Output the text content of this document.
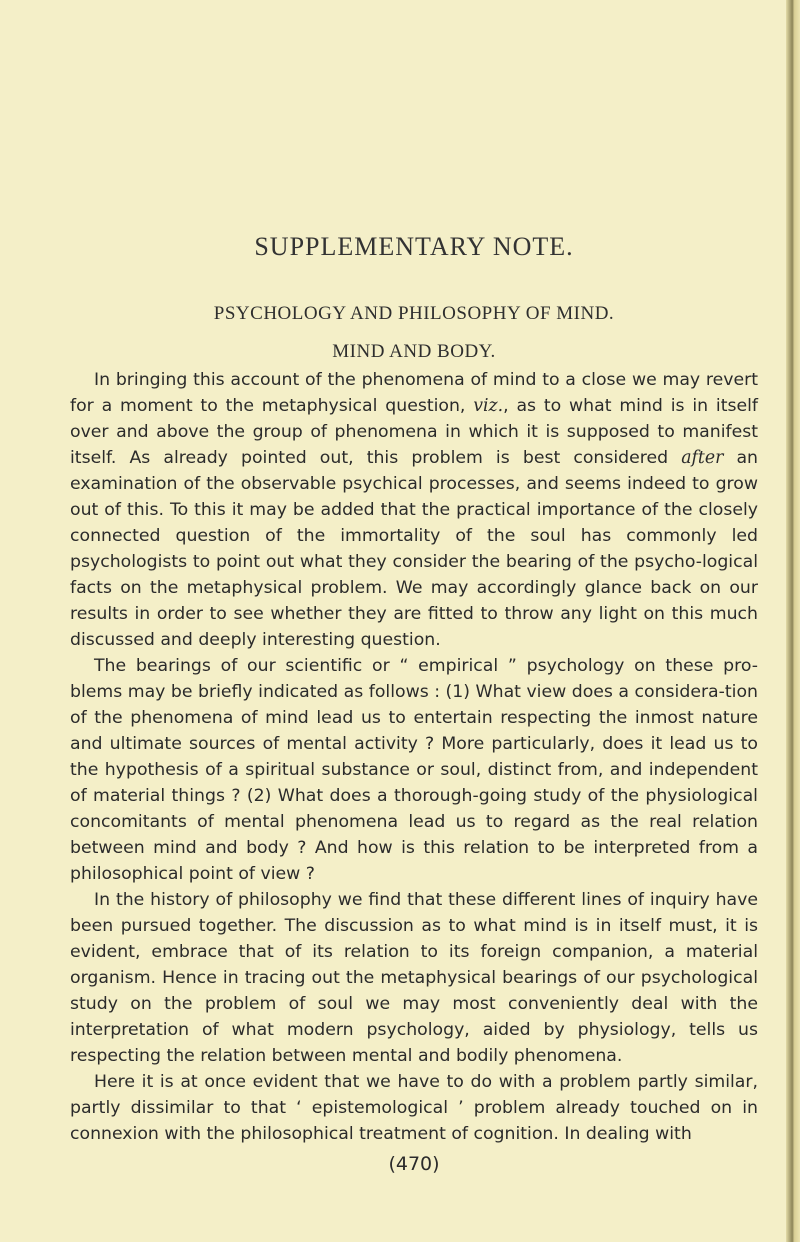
SUPPLEMENTARY NOTE.
PSYCHOLOGY AND PHILOSOPHY OF MIND.
MIND AND BODY.

In bringing this account of the phenomena of mind to a close we may revert for a moment to the metaphysical question, viz., as to what mind is in itself over and above the group of phenomena in which it is supposed to manifest itself. As already pointed out, this problem is best considered after an examination of the observable psychical processes, and seems indeed to grow out of this. To this it may be added that the practical importance of the closely connected question of the immortality of the soul has commonly led psychologists to point out what they consider the bearing of the psycho-logical facts on the metaphysical problem. We may accordingly glance back on our results in order to see whether they are fitted to throw any light on this much discussed and deeply interesting question.

The bearings of our scientific or “ empirical ” psychology on these pro-blems may be briefly indicated as follows : (1) What view does a considera-tion of the phenomena of mind lead us to entertain respecting the inmost nature and ultimate sources of mental activity ? More particularly, does it lead us to the hypothesis of a spiritual substance or soul, distinct from, and independent of material things ? (2) What does a thorough-going study of the physiological concomitants of mental phenomena lead us to regard as the real relation between mind and body ? And how is this relation to be interpreted from a philosophical point of view ?

In the history of philosophy we find that these different lines of inquiry have been pursued together. The discussion as to what mind is in itself must, it is evident, embrace that of its relation to its foreign companion, a material organism. Hence in tracing out the metaphysical bearings of our psychological study on the problem of soul we may most conveniently deal with the interpretation of what modern psychology, aided by physiology, tells us respecting the relation between mental and bodily phenomena.

Here it is at once evident that we have to do with a problem partly similar, partly dissimilar to that ‘ epistemological ’ problem already touched on in connexion with the philosophical treatment of cognition. In dealing with

(470)
